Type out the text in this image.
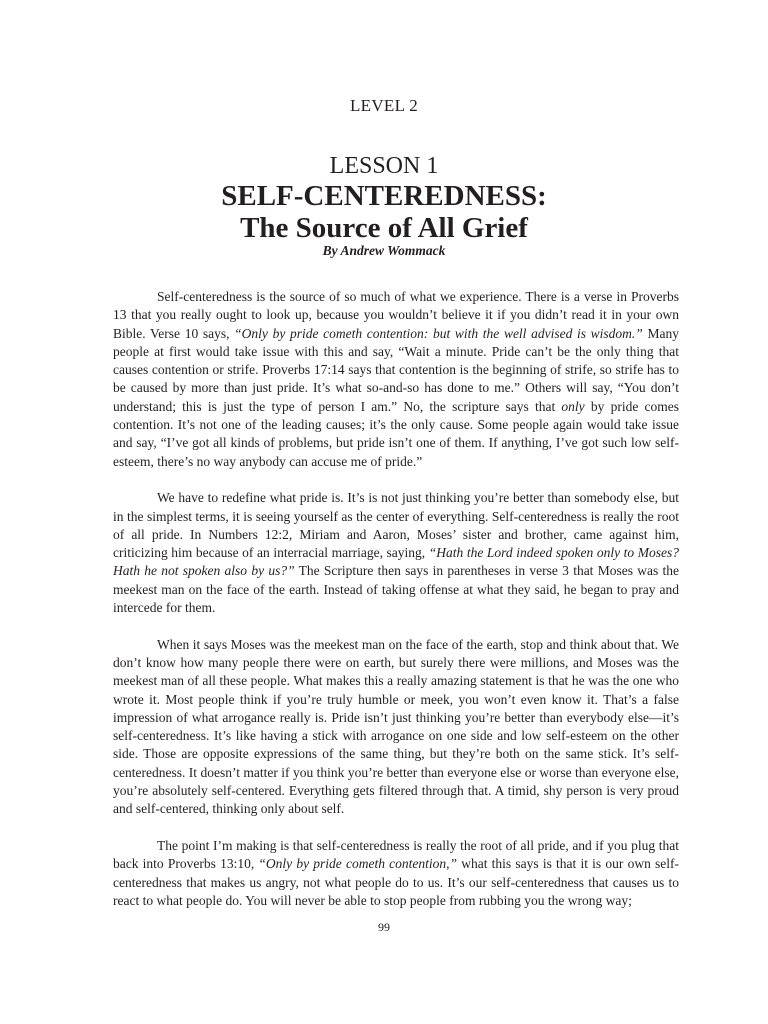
LEVEL 2
LESSON 1
SELF-CENTEREDNESS:
The Source of All Grief
By Andrew Wommack

Self-centeredness is the source of so much of what we experience. There is a verse in Proverbs 13 that you really ought to look up, because you wouldn’t believe it if you didn’t read it in your own Bible. Verse 10 says, “Only by pride cometh contention: but with the well advised is wisdom.” Many people at first would take issue with this and say, “Wait a minute. Pride can’t be the only thing that causes contention or strife. Proverbs 17:14 says that contention is the beginning of strife, so strife has to be caused by more than just pride. It’s what so-and-so has done to me.” Others will say, “You don’t understand; this is just the type of person I am.” No, the scripture says that only by pride comes contention. It’s not one of the leading causes; it’s the only cause. Some people again would take issue and say, “I’ve got all kinds of problems, but pride isn’t one of them. If anything, I’ve got such low self-esteem, there’s no way anybody can accuse me of pride.”

We have to redefine what pride is. It’s is not just thinking you’re better than somebody else, but in the simplest terms, it is seeing yourself as the center of everything. Self-centeredness is really the root of all pride. In Numbers 12:2, Miriam and Aaron, Moses’ sister and brother, came against him, criticizing him because of an interracial marriage, saying, “Hath the Lord indeed spoken only to Moses? Hath he not spoken also by us?” The Scripture then says in parentheses in verse 3 that Moses was the meekest man on the face of the earth. Instead of taking offense at what they said, he began to pray and intercede for them.

When it says Moses was the meekest man on the face of the earth, stop and think about that. We don’t know how many people there were on earth, but surely there were millions, and Moses was the meekest man of all these people. What makes this a really amazing statement is that he was the one who wrote it. Most people think if you’re truly humble or meek, you won’t even know it. That’s a false impression of what arrogance really is. Pride isn’t just thinking you’re better than everybody else—it’s self-centeredness. It’s like having a stick with arrogance on one side and low self-esteem on the other side. Those are opposite expressions of the same thing, but they’re both on the same stick. It’s self-centeredness. It doesn’t matter if you think you’re better than everyone else or worse than everyone else, you’re absolutely self-centered. Everything gets filtered through that. A timid, shy person is very proud and self-centered, thinking only about self.

The point I’m making is that self-centeredness is really the root of all pride, and if you plug that back into Proverbs 13:10, “Only by pride cometh contention,” what this says is that it is our own self-centeredness that makes us angry, not what people do to us. It’s our self-centeredness that causes us to react to what people do. You will never be able to stop people from rubbing you the wrong way;

99
